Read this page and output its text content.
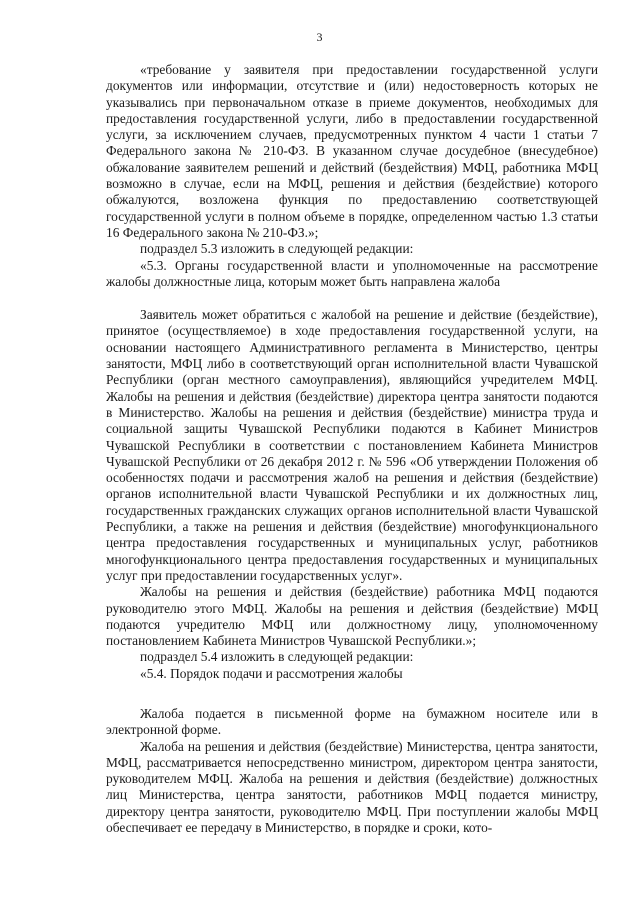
3

«требование у заявителя при предоставлении государственной услуги документов или информации, отсутствие и (или) недостоверность которых не указывались при первоначальном отказе в приеме документов, необходимых для предоставления государственной услуги, либо в предоставлении государственной услуги, за исключением случаев, предусмотренных пунктом 4 части 1 статьи 7 Федерального закона № 210-ФЗ. В указанном случае досудебное (внесудебное) обжалование заявителем решений и действий (бездействия) МФЦ, работника МФЦ возможно в случае, если на МФЦ, решения и действия (бездействие) которого обжалуются, возложена функция по предоставлению соответствующей государственной услуги в полном объеме в порядке, определенном частью 1.3 статьи 16 Федерального закона № 210-ФЗ.»;

подраздел 5.3 изложить в следующей редакции:

«5.3. Органы государственной власти и уполномоченные на рассмотрение жалобы должностные лица, которым может быть направлена жалоба

Заявитель может обратиться с жалобой на решение и действие (бездействие), принятое (осуществляемое) в ходе предоставления государственной услуги, на основании настоящего Административного регламента в Министерство, центры занятости, МФЦ либо в соответствующий орган исполнительной власти Чувашской Республики (орган местного самоуправления), являющийся учредителем МФЦ. Жалобы на решения и действия (бездействие) директора центра занятости подаются в Министерство. Жалобы на решения и действия (бездействие) министра труда и социальной защиты Чувашской Республики подаются в Кабинет Министров Чувашской Республики в соответствии с постановлением Кабинета Министров Чувашской Республики от 26 декабря 2012 г. № 596 «Об утверждении Положения об особенностях подачи и рассмотрения жалоб на решения и действия (бездействие) органов исполнительной власти Чувашской Республики и их должностных лиц, государственных гражданских служащих органов исполнительной власти Чувашской Республики, а также на решения и действия (бездействие) многофункционального центра предоставления государственных и муниципальных услуг, работников многофункционального центра предоставления государственных и муниципальных услуг при предоставлении государственных услуг».

Жалобы на решения и действия (бездействие) работника МФЦ подаются руководителю этого МФЦ. Жалобы на решения и действия (бездействие) МФЦ подаются учредителю МФЦ или должностному лицу, уполномоченному постановлением Кабинета Министров Чувашской Республики.»;

подраздел 5.4 изложить в следующей редакции:

«5.4. Порядок подачи и рассмотрения жалобы

Жалоба подается в письменной форме на бумажном носителе или в электронной форме.

Жалоба на решения и действия (бездействие) Министерства, центра занятости, МФЦ, рассматривается непосредственно министром, директором центра занятости, руководителем МФЦ. Жалоба на решения и действия (бездействие) должностных лиц Министерства, центра занятости, работников МФЦ подается министру, директору центра занятости, руководителю МФЦ. При поступлении жалобы МФЦ обеспечивает ее передачу в Министерство, в порядке и сроки, кото-
